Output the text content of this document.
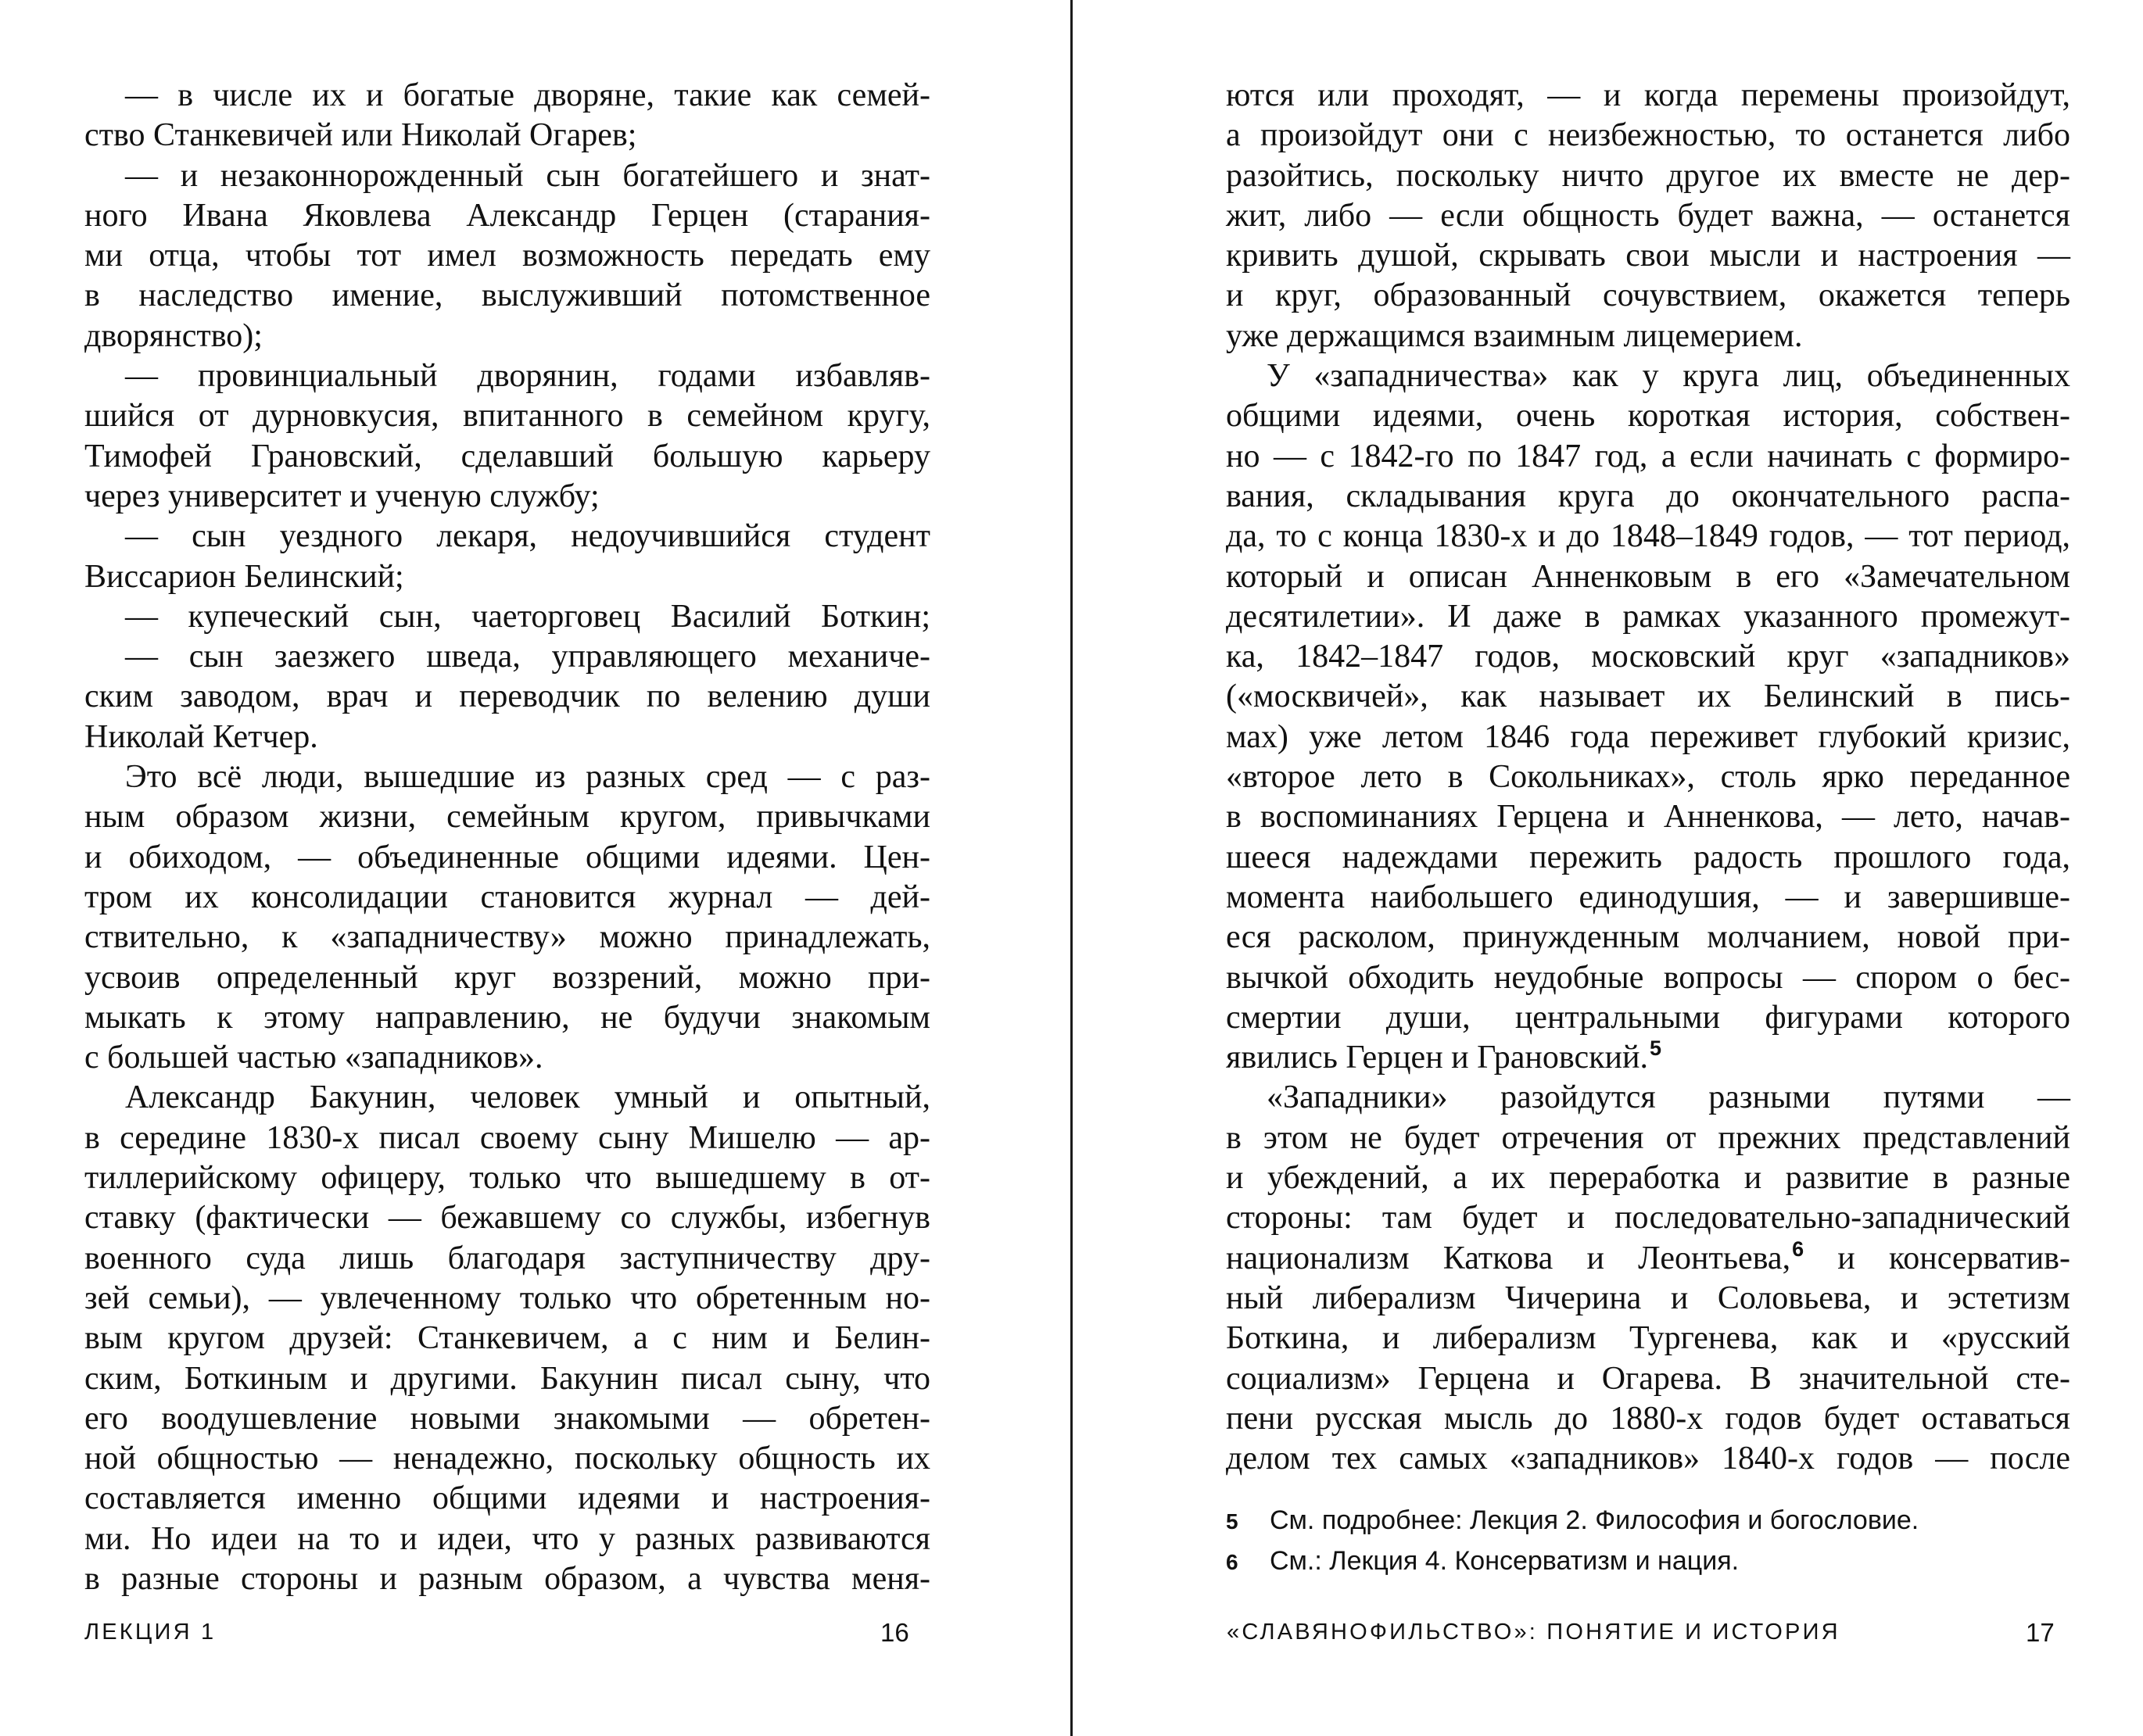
— в числе их и богатые дворяне, такие как семей-
ство Станкевичей или Николай Огарев;
— и незаконнорожденный сын богатейшего и знат-
ного Ивана Яковлева Александр Герцен (старания-
ми отца, чтобы тот имел возможность передать ему
в наследство имение, выслуживший потомственное
дворянство);
— провинциальный дворянин, годами избавляв-
шийся от дурновкусия, впитанного в семейном кругу,
Тимофей Грановский, сделавший большую карьеру
через университет и ученую службу;
— сын уездного лекаря, недоучившийся студент
Виссарион Белинский;
— купеческий сын, чаеторговец Василий Боткин;
— сын заезжего шведа, управляющего механиче-
ским заводом, врач и переводчик по велению души
Николай Кетчер.
Это всё люди, вышедшие из разных сред — с раз-
ным образом жизни, семейным кругом, привычками
и обиходом, — объединенные общими идеями. Цен-
тром их консолидации становится журнал — дей-
ствительно, к «западничеству» можно принадлежать,
усвоив определенный круг воззрений, можно при-
мыкать к этому направлению, не будучи знакомым
с большей частью «западников».
Александр Бакунин, человек умный и опытный,
в середине 1830-х писал своему сыну Мишелю — ар-
тиллерийскому офицеру, только что вышедшему в от-
ставку (фактически — бежавшему со службы, избегнув
военного суда лишь благодаря заступничеству дру-
зей семьи), — увлеченному только что обретенным но-
вым кругом друзей: Станкевичем, а с ним и Белин-
ским, Боткиным и другими. Бакунин писал сыну, что
его воодушевление новыми знакомыми — обретен-
ной общностью — ненадежно, поскольку общность их
составляется именно общими идеями и настроения-
ми. Но идеи на то и идеи, что у разных развиваются
в разные стороны и разным образом, а чувства меня-
ЛЕКЦИЯ 1	16
ются или проходят, — и когда перемены произойдут,
а произойдут они с неизбежностью, то останется либо
разойтись, поскольку ничто другое их вместе не дер-
жит, либо — если общность будет важна, — останется
кривить душой, скрывать свои мысли и настроения —
и круг, образованный сочувствием, окажется теперь
уже держащимся взаимным лицемерием.
У «западничества» как у круга лиц, объединенных
общими идеями, очень короткая история, собствен-
но — с 1842-го по 1847 год, а если начинать с формиро-
вания, складывания круга до окончательного распа-
да, то с конца 1830-х и до 1848–1849 годов, — тот период,
который и описан Анненковым в его «Замечательном
десятилетии». И даже в рамках указанного промежут-
ка, 1842–1847 годов, московский круг «западников»
(«москвичей», как называет их Белинский в пись-
мах) уже летом 1846 года переживет глубокий кризис,
«второе лето в Сокольниках», столь ярко переданное
в воспоминаниях Герцена и Анненкова, — лето, начав-
шееся надеждами пережить радость прошлого года,
момента наибольшего единодушия, — и завершивше-
еся расколом, принужденным молчанием, новой при-
вычкой обходить неудобные вопросы — спором о бес-
смертии души, центральными фигурами которого
явились Герцен и Грановский.$^5$
«Западники» разойдутся разными путями —
в этом не будет отречения от прежних представлений
и убеждений, а их переработка и развитие в разные
стороны: там будет и последовательно-западнический
национализм Каткова и Леонтьева,$^6$ и консерватив-
ный либерализм Чичерина и Соловьева, и эстетизм
Боткина, и либерализм Тургенева, как и «русский
социализм» Герцена и Огарева. В значительной сте-
пени русская мысль до 1880-х годов будет оставаться
делом тех самых «западников» 1840-х годов — после
5	См. подробнее: Лекция 2. Философия и богословие.
6	См.: Лекция 4. Консерватизм и нация.
«СЛАВЯНОФИЛЬСТВО»: ПОНЯТИЕ И ИСТОРИЯ	17
